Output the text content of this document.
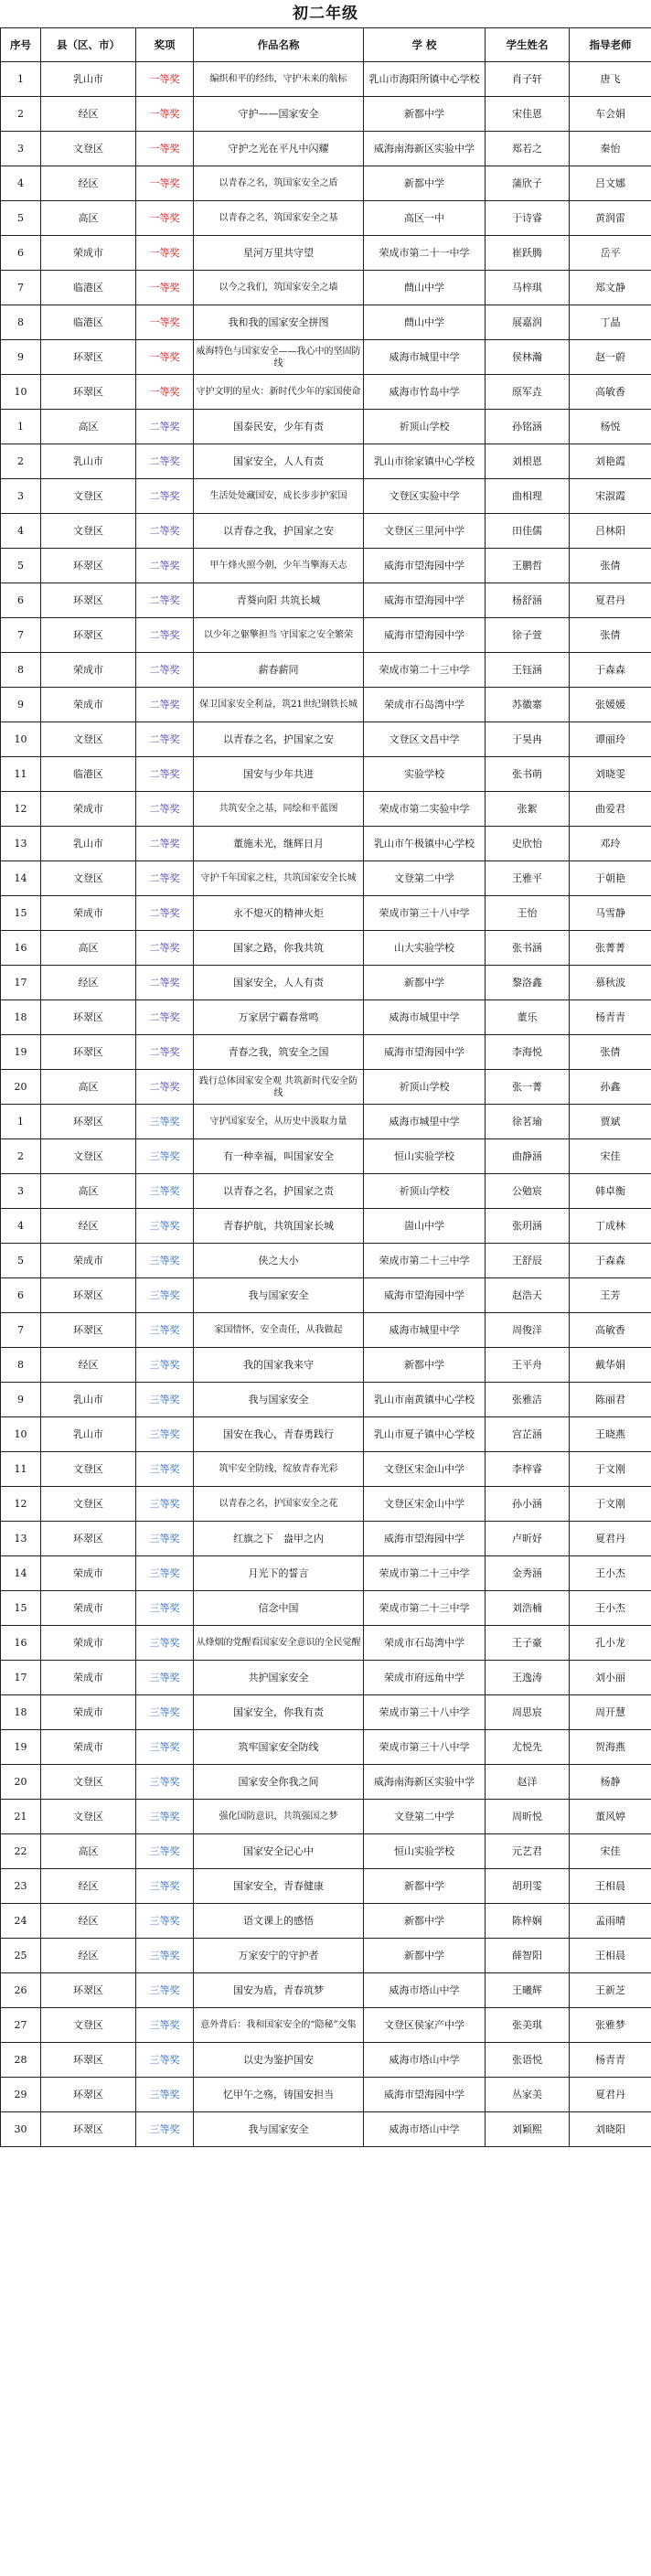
初二年级
序号	县（区、市）	奖项	作品名称	学 校	学生姓名	指导老师
1	乳山市	一等奖	编织和平的经纬，守护未来的航标	乳山市海阳所镇中心学校	肖子轩	唐飞
2	经区	一等奖	守护——国家安全	新都中学	宋佳恩	车会娟
3	文登区	一等奖	守护之光在平凡中闪耀	威海南海新区实验中学	郑若之	秦怡
4	经区	一等奖	以青春之名，筑国家安全之盾	新都中学	蒲欣子	吕文娜
5	高区	一等奖	以青春之名，筑国家安全之基	高区一中	于诗睿	黄润雷
6	荣成市	一等奖	星河万里共守望	荣成市第二十一中学	崔跃腾	岳平
7	临港区	一等奖	以今之我们，筑国家安全之墙	蔄山中学	马梓琪	郑文静
8	临港区	一等奖	我和我的国家安全拼图	蔄山中学	展嘉润	丁晶
9	环翠区	一等奖	威海特色与国家安全——我心中的坚固防线	威海市城里中学	侯林瀚	赵一蔚
10	环翠区	一等奖	守护文明的星火：新时代少年的家国使命	威海市竹岛中学	原军垚	高敏香
1	高区	二等奖	国泰民安，少年有责	祈顶山学校	孙铭涵	杨悦
2	乳山市	二等奖	国家安全，人人有责	乳山市徐家镇中心学校	刘根恩	刘艳霞
3	文登区	二等奖	生活处处藏国安，成长步步护家国	文登区实验中学	曲相理	宋淑霞
4	文登区	二等奖	以青春之我，护国家之安	文登区三里河中学	田佳儒	吕林阳
5	环翠区	二等奖	甲午烽火照今朝，少年当擎海天志	威海市望海园中学	王鹏哲	张倩
6	环翠区	二等奖	青葵向阳 共筑长城	威海市望海园中学	杨舒涵	夏君丹
7	环翠区	二等奖	以少年之躯擎担当 守国家之安全繁荣	威海市望海园中学	徐子萱	张倩
8	荣成市	二等奖	薪春薪同	荣成市第二十三中学	王钰涵	于森森
9	荣成市	二等奖	保卫国家安全利益，筑21世纪钢铁长城	荣成市石岛湾中学	苏徽寨	张媛媛
10	文登区	二等奖	以青春之名，护国家之安	文登区文昌中学	于昊冉	谭丽玲
11	临港区	二等奖	国安与少年共进	实验学校	张书萌	刘晓雯
12	荣成市	二等奖	共筑安全之基，同绘和平蓝图	荣成市第二实验中学	张絮	曲爱君
13	乳山市	二等奖	董施未光，继辉日月	乳山市午极镇中心学校	史欣怡	邓玲
14	文登区	二等奖	守护千年国家之柱，共筑国家安全长城	文登第二中学	王雅平	于朝艳
15	荣成市	二等奖	永不熄灭的精神火炬	荣成市第三十八中学	王怡	马雪静
16	高区	二等奖	国家之路，你我共筑	山大实验学校	张书涵	张菁菁
17	经区	二等奖	国家安全，人人有责	新都中学	黎洛鑫	慕秋波
18	环翠区	二等奖	万家居宁霸春常鸣	威海市城里中学	董乐	杨青青
19	环翠区	二等奖	青春之我，筑安全之国	威海市望海园中学	李海悦	张倩
20	高区	二等奖	践行总体国家安全观 共筑新时代安全防线	祈顶山学校	张一菁	孙鑫
1	环翠区	三等奖	守护国家安全，从历史中汲取力量	威海市城里中学	徐茗瑜	贾斌
2	文登区	三等奖	有一种幸福，叫国家安全	恒山实验学校	曲静涵	宋佳
3	高区	三等奖	以青春之名，护国家之责	祈顶山学校	公勉宸	韩卓衡
4	经区	三等奖	青春护航，共筑国家长城	崮山中学	张玥涵	丁成林
5	荣成市	三等奖	侠之大小	荣成市第二十三中学	王舒辰	于森森
6	环翠区	三等奖	我与国家安全	威海市望海园中学	赵浩天	王芳
7	环翠区	三等奖	家国情怀，安全责任，从我做起	威海市城里中学	周俊洋	高敏香
8	经区	三等奖	我的国家我来守	新都中学	王平舟	戴华娟
9	乳山市	三等奖	我与国家安全	乳山市南黄镇中心学校	张雅洁	陈丽君
10	乳山市	三等奖	国安在我心，青春勇践行	乳山市夏子镇中心学校	宫芷涵	王晓燕
11	文登区	三等奖	筑牢安全防线，绽放青春光彩	文登区宋金山中学	李梓睿	于文刚
12	文登区	三等奖	以青春之名，护国家安全之花	文登区宋金山中学	孙小涵	于文刚
13	环翠区	三等奖	红旗之下　盎甲之内	威海市望海园中学	卢昕妤	夏君丹
14	荣成市	三等奖	月光下的誓言	荣成市第二十三中学	金秀涵	王小杰
15	荣成市	三等奖	信念中国	荣成市第二十三中学	刘浩楠	王小杰
16	荣成市	三等奖	从烽烟的党醒看国家安全意识的全民觉醒	荣成市石岛湾中学	王子豪	孔小龙
17	荣成市	三等奖	共护国家安全	荣成市府远角中学	王逸涛	刘小丽
18	荣成市	三等奖	国家安全，你我有责	荣成市第三十八中学	周思宸	周开慧
19	荣成市	三等奖	筑牢国家安全防线	荣成市第三十八中学	尤悦先	贺海燕
20	文登区	三等奖	国家安全你我之间	威海南海新区实验中学	赵洋	杨静
21	文登区	三等奖	强化国防意识，共筑强国之梦	文登第二中学	周昕悦	董风婷
22	高区	三等奖	国家安全记心中	恒山实验学校	元艺君	宋佳
23	经区	三等奖	国家安全，青春健康	新都中学	胡玥雯	王相晨
24	经区	三等奖	语文课上的感悟	新都中学	陈梓娴	孟雨晴
25	经区	三等奖	万家安宁的守护者	新都中学	薛智阳	王相晨
26	环翠区	三等奖	国安为盾，青春筑梦	威海市塔山中学	王曦辉	王新芝
27	文登区	三等奖	意外背后：我和国家安全的“隐秘”交集	文登区侯家产中学	张美琪	张雅梦
28	环翠区	三等奖	以史为鉴护国安	威海市塔山中学	张语悦	杨青青
29	环翠区	三等奖	忆甲午之殇，铸国安担当	威海市望海园中学	丛家美	夏君丹
30	环翠区	三等奖	我与国家安全	威海市塔山中学	刘颖熙	刘晓阳
